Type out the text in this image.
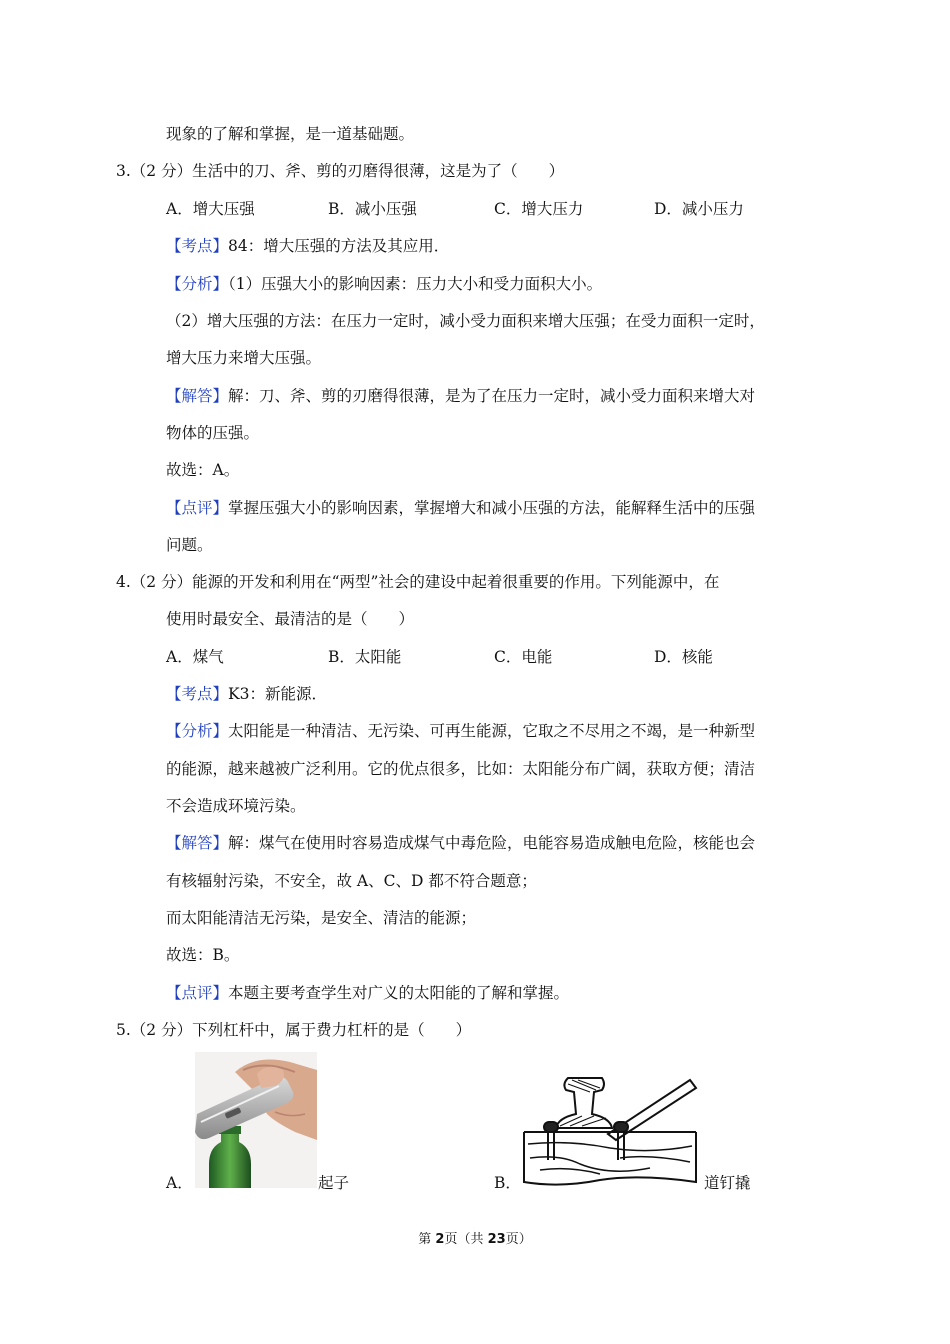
现象的了解和掌握，是一道基础题。
3.（2 分）生活中的刀、斧、剪的刃磨得很薄，这是为了（　　）
A．增大压强	B．减小压强	C．增大压力	D．减小压力
【考点】84：增大压强的方法及其应用．
【分析】（1）压强大小的影响因素：压力大小和受力面积大小。
（2）增大压强的方法：在压力一定时，减小受力面积来增大压强；在受力面积一定时，
增大压力来增大压强。
【解答】解：刀、斧、剪的刃磨得很薄，是为了在压力一定时，减小受力面积来增大对
物体的压强。
故选：A。
【点评】掌握压强大小的影响因素，掌握增大和减小压强的方法，能解释生活中的压强
问题。
4.（2 分）能源的开发和利用在“两型”社会的建设中起着很重要的作用。下列能源中，在
使用时最安全、最清洁的是（　　）
A．煤气	B．太阳能	C．电能	D．核能
【考点】K3：新能源．
【分析】太阳能是一种清洁、无污染、可再生能源，它取之不尽用之不竭，是一种新型
的能源，越来越被广泛利用。它的优点很多，比如：太阳能分布广阔，获取方便；清洁
不会造成环境污染。
【解答】解：煤气在使用时容易造成煤气中毒危险，电能容易造成触电危险，核能也会
有核辐射污染，不安全，故 A、C、D 都不符合题意；
而太阳能清洁无污染，是安全、清洁的能源；
故选：B。
【点评】本题主要考查学生对广义的太阳能的了解和掌握。
5.（2 分）下列杠杆中，属于费力杠杆的是（　　）
A．	起子	B．	道钉撬
第 2页（共 23页）
